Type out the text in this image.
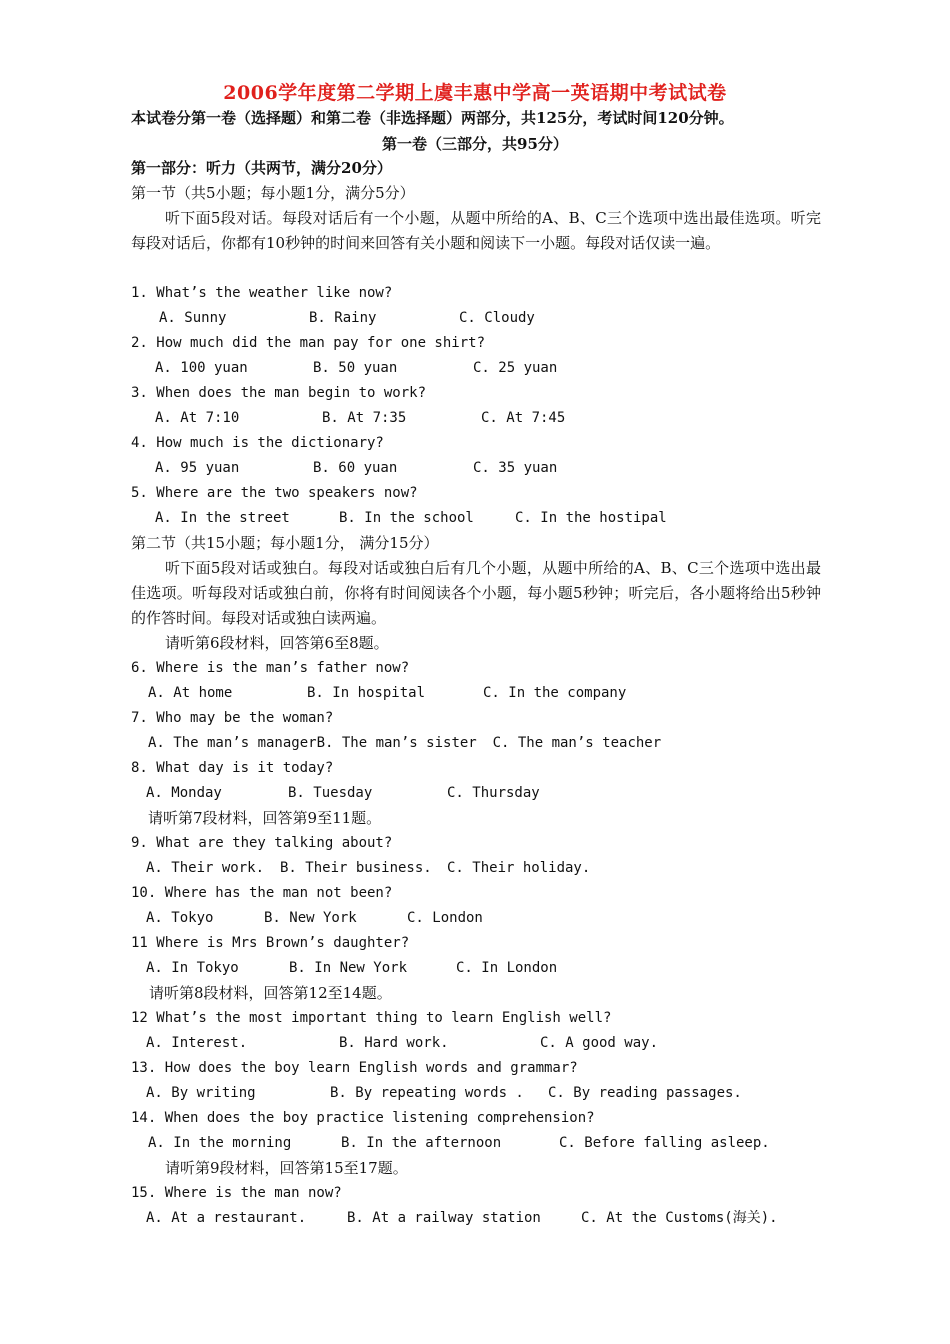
2006学年度第二学期上虞丰惠中学高一英语期中考试试卷
本试卷分第一卷（选择题）和第二卷（非选择题）两部分，共125分，考试时间120分钟。
第一卷（三部分，共95分）
第一部分：听力（共两节，满分20分）
第一节（共5小题；每小题1分，满分5分）
听下面5段对话。每段对话后有一个小题，从题中所给的A、B、C三个选项中选出最佳选项。听完每段对话后，你都有10秒钟的时间来回答有关小题和阅读下一小题。每段对话仅读一遍。
1. What’s the weather like now?
A. Sunny	B. Rainy	C. Cloudy
2. How much did the man pay for one shirt?
A. 100 yuan	B. 50 yuan	C. 25 yuan
3. When does the man begin to work?
A. At 7:10	B. At 7:35	C. At 7:45
4. How much is the dictionary?
A. 95 yuan	B. 60 yuan	C. 35 yuan
5. Where are the two speakers now?
A. In the street	B. In the school	C. In the hostipal
第二节（共15小题；每小题1分， 满分15分）
听下面5段对话或独白。每段对话或独白后有几个小题，从题中所给的A、B、C三个选项中选出最佳选项。听每段对话或独白前，你将有时间阅读各个小题，每小题5秒钟；听完后，各小题将给出5秒钟的作答时间。每段对话或独白读两遍。
请听第6段材料，回答第6至8题。
6. Where is the man’s father now?
A. At home	B. In hospital	C. In the company
7. Who may be the woman?
A. The man’s manager B. The man’s sister	C. The man’s teacher
8. What day is it today?
A. Monday	B. Tuesday	C. Thursday
请听第7段材料，回答第9至11题。
9. What are they talking about?
A. Their work.	B. Their business.	C. Their holiday.
10. Where has the man not been?
A. Tokyo	B. New York	C. London
11 Where is Mrs Brown’s daughter?
A. In Tokyo	B. In New York	C. In London
请听第8段材料，回答第12至14题。
12 What’s the most important thing to learn English well?
A. Interest.	B. Hard work.	C. A good way.
13. How does the boy learn English words and grammar?
A. By writing	B. By repeating words .	C. By reading passages.
14. When does the boy practice listening comprehension?
A. In the morning	B. In the afternoon	C. Before falling asleep.
请听第9段材料，回答第15至17题。
15. Where is the man now?
A. At a restaurant.	B. At a railway station	C. At the Customs(海关).
